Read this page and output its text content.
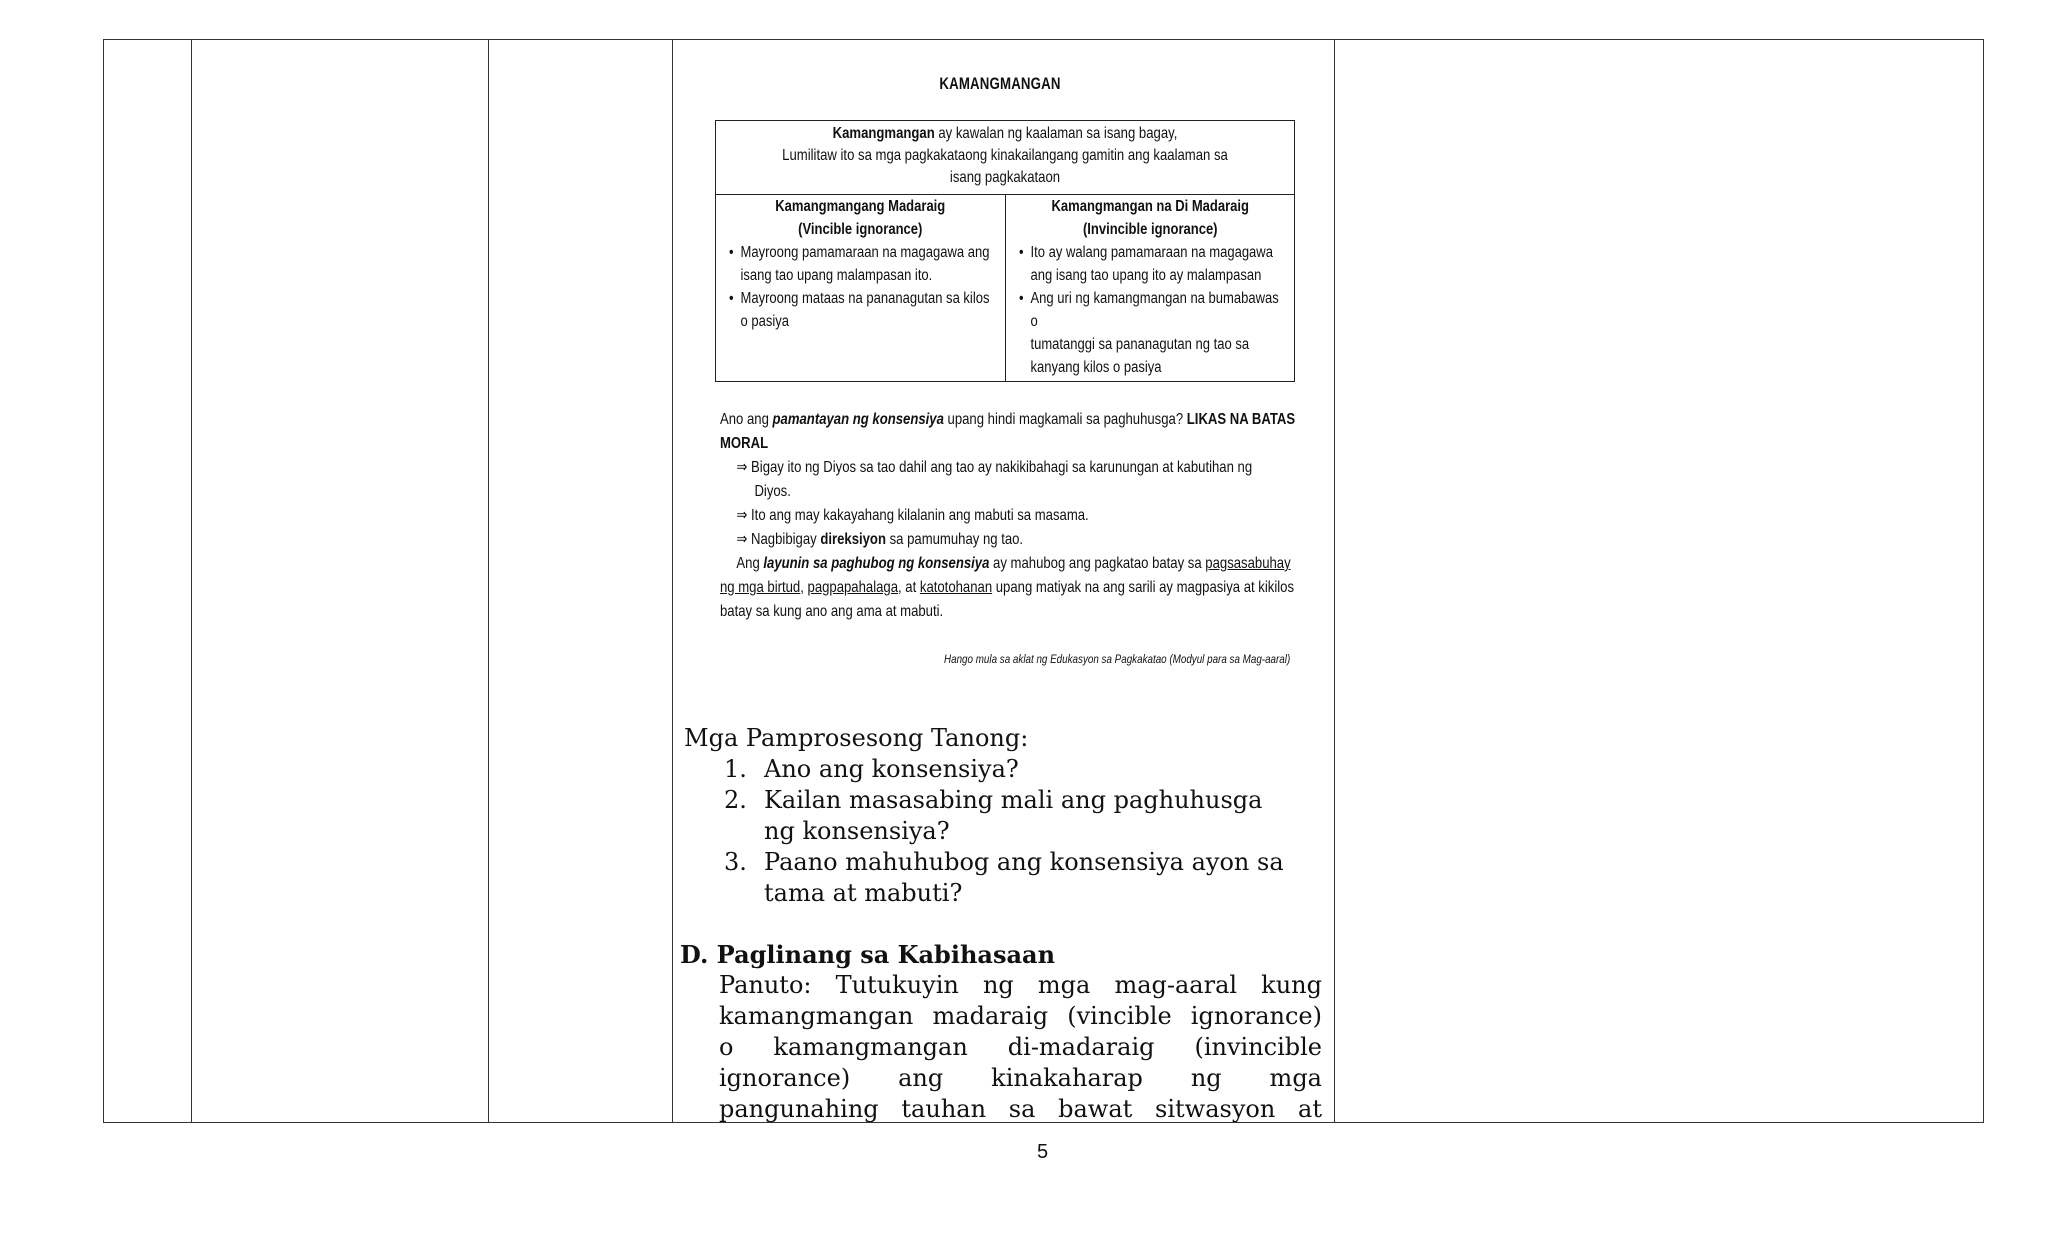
KAMANGMANGAN
Kamangmangan ay kawalan ng kaalaman sa isang bagay,
Lumilitaw ito sa mga pagkakataong kinakailangang gamitin ang kaalaman sa isang pagkakataon
Kamangmangang Madaraig
(Vincible ignorance)
• Mayroong pamamaraan na magagawa ang
isang tao upang malampasan ito.
• Mayroong mataas na pananagutan sa kilos
o pasiya
Kamangmangan na Di Madaraig
(Invincible ignorance)
• Ito ay walang pamamaraan na magagawa
ang isang tao upang ito ay malampasan
• Ang uri ng kamangmangan na bumabawas o
tumatanggi sa pananagutan ng tao sa
kanyang kilos o pasiya
Ano ang pamantayan ng konsensiya upang hindi magkamali sa paghuhusga? LIKAS NA BATAS
MORAL
⇒ Bigay ito ng Diyos sa tao dahil ang tao ay nakikibahagi sa karunungan at kabutihan ng
Diyos.
⇒ Ito ang may kakayahang kilalanin ang mabuti sa masama.
⇒ Nagbibigay direksiyon sa pamumuhay ng tao.
Ang layunin sa paghubog ng konsensiya ay mahubog ang pagkatao batay sa pagsasabuhay
ng mga birtud, pagpapahalaga, at katotohanan upang matiyak na ang sarili ay magpasiya at kikilos
batay sa kung ano ang ama at mabuti.
Hango mula sa aklat ng Edukasyon sa Pagkakatao (Modyul para sa Mag-aaral)
Mga Pamprosesong Tanong:
1. Ano ang konsensiya?
2. Kailan masasabing mali ang paghuhusga
ng konsensiya?
3. Paano mahuhubog ang konsensiya ayon sa
tama at mabuti?
D. Paglinang sa Kabihasaan
Panuto: Tutukuyin ng mga mag-aaral kung
kamangmangan madaraig (vincible ignorance)
o kamangmangan di-madaraig (invincible
ignorance) ang kinakaharap ng mga
pangunahing tauhan sa bawat sitwasyon at
5
